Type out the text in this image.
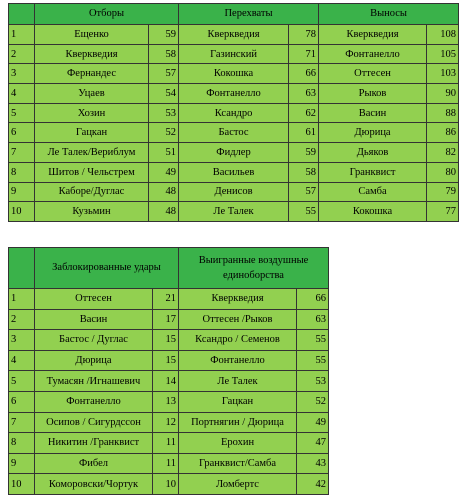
	Отборы		Перехваты		Выносы	
1	Ещенко	59	Кверкведия	78	Кверкведия	108
2	Кверкведия	58	Газинский	71	Фонтанелло	105
3	Фернандес	57	Кокошка	66	Оттесен	103
4	Уцаев	54	Фонтанелло	63	Рыков	90
5	Хозин	53	Ксандро	62	Васин	88
6	Гацкан	52	Бастос	61	Дюрица	86
7	Ле Талек/Вериблум	51	Фидлер	59	Дьяков	82
8	Шитов / Чельстрем	49	Васильев	58	Гранквист	80
9	Каборе/Дуглас	48	Денисов	57	Самба	79
10	Кузьмин	48	Ле Талек	55	Кокошка	77
	Заблокированные удары		Выигранные воздушные единоборства	
1	Оттесен	21	Кверкведия	66
2	Васин	17	Оттесен /Рыков	63
3	Бастос / Дуглас	15	Ксандро / Семенов	55
4	Дюрица	15	Фонтанелло	55
5	Тумасян /Игнашевич	14	Ле Талек	53
6	Фонтанелло	13	Гацкан	52
7	Осипов / Сигурдссон	12	Портнягин / Дюрица	49
8	Никитин /Гранквист	11	Ерохин	47
9	Фибел	11	Гранквист/Самба	43
10	Комоpовски/Чоpтук	10	Ломбертс	42
